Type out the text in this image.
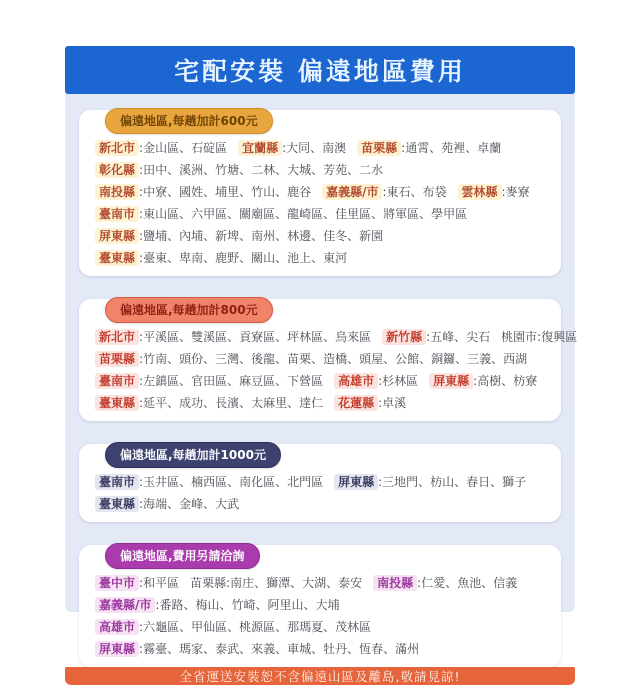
宅配安裝 偏遠地區費用
偏遠地區,每趟加計600元
新北市 :金山區、石碇區 宜蘭縣 :大同、南澳 苗栗縣 :通霄、苑裡、卓蘭
彰化縣 :田中、溪洲、竹塘、二林、大城、芳苑、二水
南投縣 :中寮、國姓、埔里、竹山、鹿谷 嘉義縣/市 :東石、布袋 雲林縣 :麥寮
臺南市 :東山區、六甲區、關廟區、龍崎區、佳里區、將軍區、學甲區
屏東縣 :鹽埔、內埔、新埤、南州、林邊、佳冬、新園
臺東縣 :臺東、卑南、鹿野、關山、池上、東河
偏遠地區,每趟加計800元
新北市 :平溪區、雙溪區、貢寮區、坪林區、烏來區 新竹縣 :五峰、尖石 桃園市:復興區
苗栗縣 :竹南、頭份、三灣、後龍、苗栗、造橋、頭屋、公館、銅鑼、三義、西湖
臺南市 :左鎮區、官田區、麻豆區、下營區 高雄市 :杉林區 屏東縣 :高樹、枋寮
臺東縣 :延平、成功、長濱、太麻里、達仁 花蓮縣 :卓溪
偏遠地區,每趟加計1000元
臺南市 :玉井區、楠西區、南化區、北門區 屏東縣 :三地門、枋山、春日、獅子
臺東縣 :海端、金峰、大武
偏遠地區,費用另請洽詢
臺中市 :和平區 苗栗縣:南庄、獅潭、大湖、泰安 南投縣 :仁愛、魚池、信義
嘉義縣/市 :番路、梅山、竹崎、阿里山、大埔
高雄市 :六龜區、甲仙區、桃源區、那瑪夏、茂林區
屏東縣 :霧臺、瑪家、泰武、來義、車城、牡丹、恆春、滿州
全省運送安裝恕不含偏遠山區及離島,敬請見諒!
